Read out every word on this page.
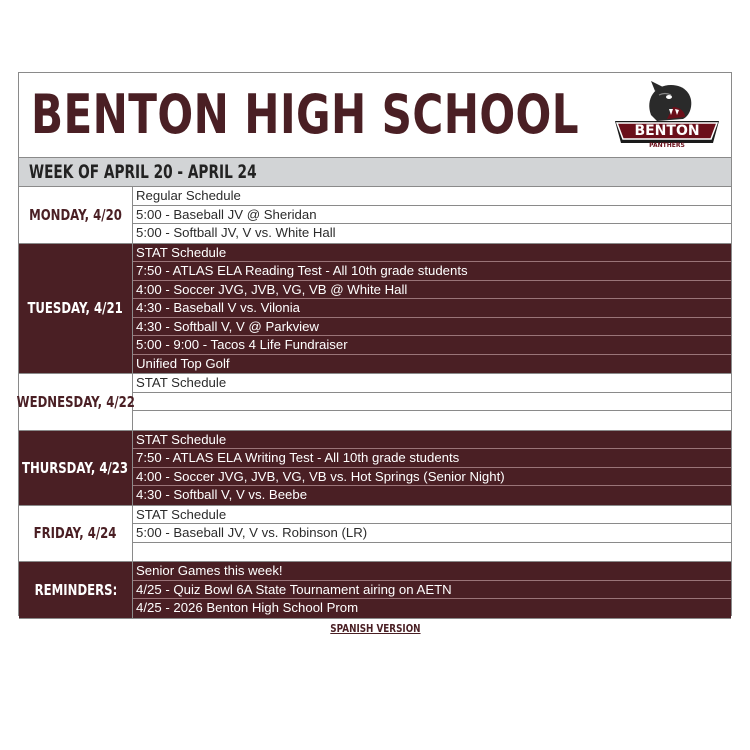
BENTON HIGH SCHOOL	BENTON
PANTHERS
WEEK OF APRIL 20 - APRIL 24
MONDAY, 4/20
Regular Schedule
5:00 - Baseball JV @ Sheridan
5:00 - Softball JV, V vs. White Hall
TUESDAY, 4/21
STAT Schedule
7:50 - ATLAS ELA Reading Test - All 10th grade students
4:00 - Soccer JVG, JVB, VG, VB @ White Hall
4:30 - Baseball V vs. Vilonia
4:30 - Softball V, V @ Parkview
5:00 - 9:00 - Tacos 4 Life Fundraiser
Unified Top Golf
WEDNESDAY, 4/22
STAT Schedule
THURSDAY, 4/23
STAT Schedule
7:50 - ATLAS ELA Writing Test - All 10th grade students
4:00 - Soccer JVG, JVB, VG, VB vs. Hot Springs (Senior Night)
4:30 - Softball V, V vs. Beebe
FRIDAY, 4/24
STAT Schedule
5:00 - Baseball JV, V vs. Robinson (LR)
REMINDERS:
Senior Games this week!
4/25 - Quiz Bowl 6A State Tournament airing on AETN
4/25 - 2026 Benton High School Prom
SPANISH VERSION
